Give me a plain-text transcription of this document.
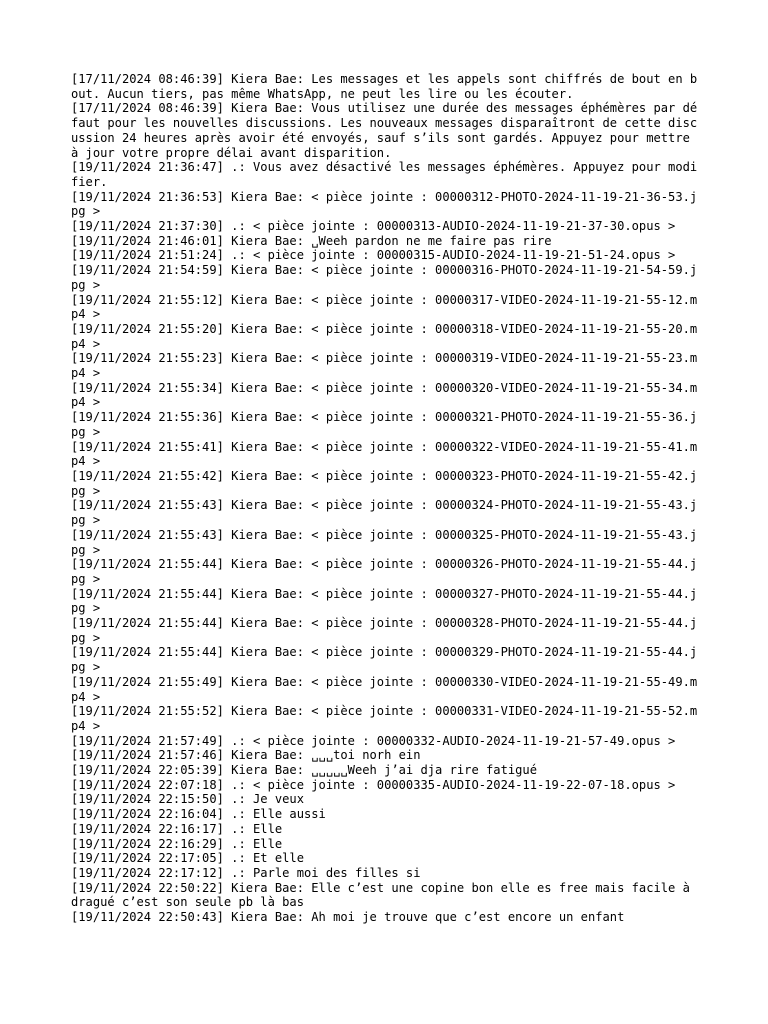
[17/11/2024 08:46:39] Kiera Bae: Les messages et les appels sont chiffrés de bout en bout. Aucun tiers, pas même WhatsApp, ne peut les lire ou les écouter.
[17/11/2024 08:46:39] Kiera Bae: Vous utilisez une durée des messages éphémères par défaut pour les nouvelles discussions. Les nouveaux messages disparaîtront de cette discussion 24 heures après avoir été envoyés, sauf s’ils sont gardés. Appuyez pour mettre à jour votre propre délai avant disparition.
[19/11/2024 21:36:47] .: Vous avez désactivé les messages éphémères. Appuyez pour modifier.
[19/11/2024 21:36:53] Kiera Bae: < pièce jointe : 00000312-PHOTO-2024-11-19-21-36-53.jpg >
[19/11/2024 21:37:30] .: < pièce jointe : 00000313-AUDIO-2024-11-19-21-37-30.opus >
[19/11/2024 21:46:01] Kiera Bae: ␣Weeh pardon ne me faire pas rire
[19/11/2024 21:51:24] .: < pièce jointe : 00000315-AUDIO-2024-11-19-21-51-24.opus >
[19/11/2024 21:54:59] Kiera Bae: < pièce jointe : 00000316-PHOTO-2024-11-19-21-54-59.jpg >
[19/11/2024 21:55:12] Kiera Bae: < pièce jointe : 00000317-VIDEO-2024-11-19-21-55-12.mp4 >
[19/11/2024 21:55:20] Kiera Bae: < pièce jointe : 00000318-VIDEO-2024-11-19-21-55-20.mp4 >
[19/11/2024 21:55:23] Kiera Bae: < pièce jointe : 00000319-VIDEO-2024-11-19-21-55-23.mp4 >
[19/11/2024 21:55:34] Kiera Bae: < pièce jointe : 00000320-VIDEO-2024-11-19-21-55-34.mp4 >
[19/11/2024 21:55:36] Kiera Bae: < pièce jointe : 00000321-PHOTO-2024-11-19-21-55-36.jpg >
[19/11/2024 21:55:41] Kiera Bae: < pièce jointe : 00000322-VIDEO-2024-11-19-21-55-41.mp4 >
[19/11/2024 21:55:42] Kiera Bae: < pièce jointe : 00000323-PHOTO-2024-11-19-21-55-42.jpg >
[19/11/2024 21:55:43] Kiera Bae: < pièce jointe : 00000324-PHOTO-2024-11-19-21-55-43.jpg >
[19/11/2024 21:55:43] Kiera Bae: < pièce jointe : 00000325-PHOTO-2024-11-19-21-55-43.jpg >
[19/11/2024 21:55:44] Kiera Bae: < pièce jointe : 00000326-PHOTO-2024-11-19-21-55-44.jpg >
[19/11/2024 21:55:44] Kiera Bae: < pièce jointe : 00000327-PHOTO-2024-11-19-21-55-44.jpg >
[19/11/2024 21:55:44] Kiera Bae: < pièce jointe : 00000328-PHOTO-2024-11-19-21-55-44.jpg >
[19/11/2024 21:55:44] Kiera Bae: < pièce jointe : 00000329-PHOTO-2024-11-19-21-55-44.jpg >
[19/11/2024 21:55:49] Kiera Bae: < pièce jointe : 00000330-VIDEO-2024-11-19-21-55-49.mp4 >
[19/11/2024 21:55:52] Kiera Bae: < pièce jointe : 00000331-VIDEO-2024-11-19-21-55-52.mp4 >
[19/11/2024 21:57:49] .: < pièce jointe : 00000332-AUDIO-2024-11-19-21-57-49.opus >
[19/11/2024 21:57:46] Kiera Bae: ␣␣␣toi norh ein
[19/11/2024 22:05:39] Kiera Bae: ␣␣␣␣␣Weeh j’ai dja rire fatigué
[19/11/2024 22:07:18] .: < pièce jointe : 00000335-AUDIO-2024-11-19-22-07-18.opus >
[19/11/2024 22:15:50] .: Je veux
[19/11/2024 22:16:04] .: Elle aussi
[19/11/2024 22:16:17] .: Elle
[19/11/2024 22:16:29] .: Elle
[19/11/2024 22:17:05] .: Et elle
[19/11/2024 22:17:12] .: Parle moi des filles si
[19/11/2024 22:50:22] Kiera Bae: Elle c’est une copine bon elle es free mais facile à dragué c’est son seule pb là bas
[19/11/2024 22:50:43] Kiera Bae: Ah moi je trouve que c’est encore un enfant
